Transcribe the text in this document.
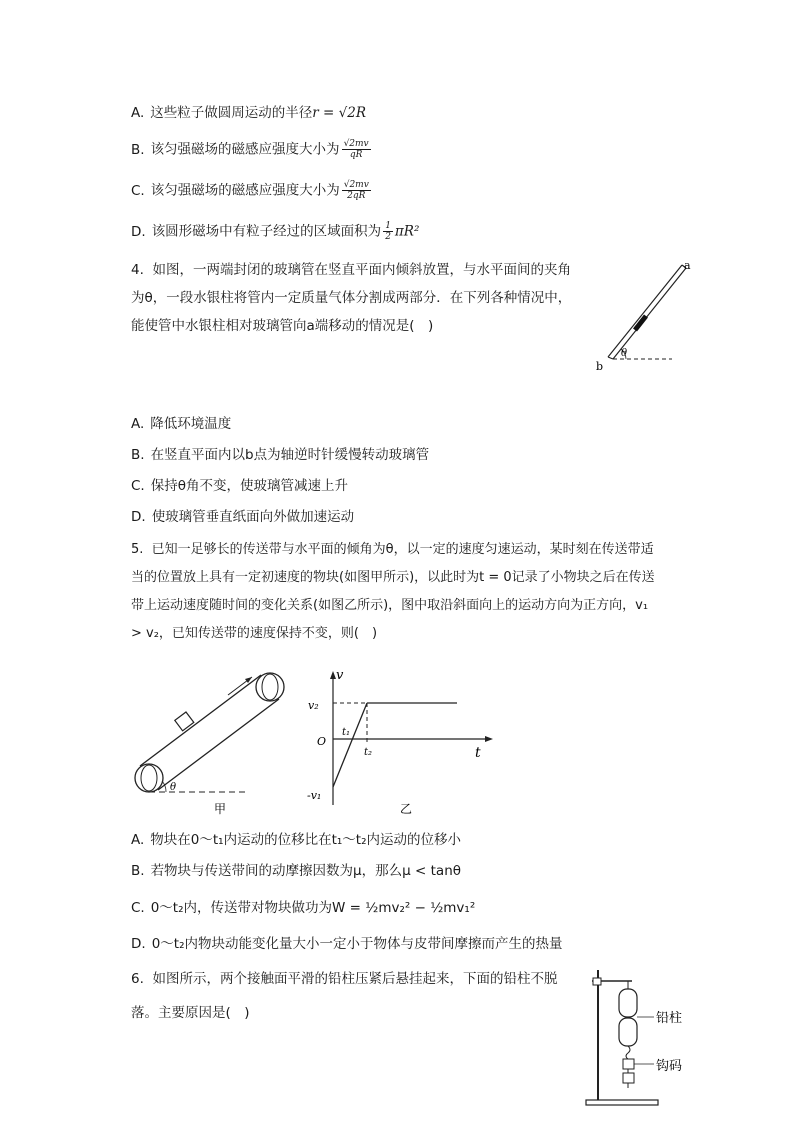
A. 这些粒子做圆周运动的半径r = √2R
B. 该匀强磁场的磁感应强度大小为 $\frac{√2mv}{qR}$
C. 该匀强磁场的磁感应强度大小为 $\frac{√2mv}{2qR}$
D. 该圆形磁场中有粒子经过的区域面积为 $\frac{1}{2} \pi R^2$
4. 如图，一两端封闭的玻璃管在竖直平面内倾斜放置，与水平面间的夹角
为θ，一段水银柱将管内一定质量气体分割成两部分．在下列各种情况中，
能使管中水银柱相对玻璃管向a端移动的情况是(　)
a
b
θ
A. 降低环境温度
B. 在竖直平面内以b点为轴逆时针缓慢转动玻璃管
C. 保持θ角不变，使玻璃管减速上升
D. 使玻璃管垂直纸面向外做加速运动
5. 已知一足够长的传送带与水平面的倾角为θ，以一定的速度匀速运动，某时刻在传送带适
当的位置放上具有一定初速度的物块(如图甲所示)，以此时为t = 0记录了小物块之后在传送
带上运动速度随时间的变化关系(如图乙所示)，图中取沿斜面向上的运动方向为正方向，v₁
> v₂，已知传送带的速度保持不变，则(　)
θ
甲
v
t
v₂
O
t₁
t₂
-v₁
乙
A. 物块在0～t₁内运动的位移比在t₁～t₂内运动的位移小
B. 若物块与传送带间的动摩擦因数为μ，那么μ < tanθ
C. 0～t₂内，传送带对物块做功为W = ½mv₂² − ½mv₁²
D. 0～t₂内物块动能变化量大小一定小于物体与皮带间摩擦而产生的热量
6. 如图所示，两个接触面平滑的铅柱压紧后悬挂起来，下面的铅柱不脱
落。主要原因是(　)	铅柱
钩码
